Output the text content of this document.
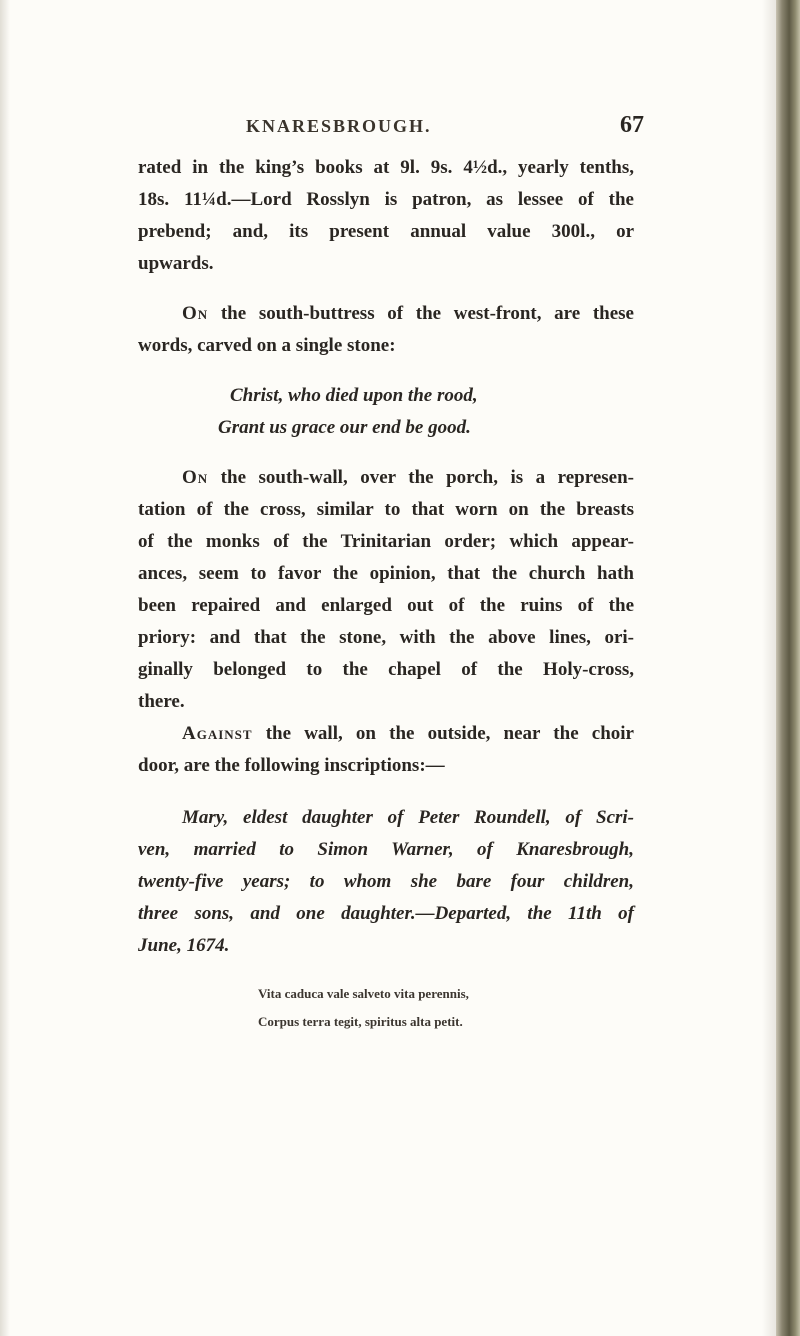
KNARESBROUGH.	67
rated in the king’s books at 9l. 9s. 4½d., yearly tenths,
18s. 11¼d.—Lord Rosslyn is patron, as lessee of the
prebend; and, its present annual value 300l., or
upwards.
On the south-buttress of the west-front, are these
words, carved on a single stone:
Christ, who died upon the rood,
Grant us grace our end be good.
On the south-wall, over the porch, is a represen-
tation of the cross, similar to that worn on the breasts
of the monks of the Trinitarian order; which appear-
ances, seem to favor the opinion, that the church hath
been repaired and enlarged out of the ruins of the
priory: and that the stone, with the above lines, ori-
ginally belonged to the chapel of the Holy-cross,
there.
Against the wall, on the outside, near the choir
door, are the following inscriptions:—
Mary, eldest daughter of Peter Roundell, of Scri-
ven, married to Simon Warner, of Knaresbrough,
twenty-five years; to whom she bare four children,
three sons, and one daughter.—Departed, the 11th of
June, 1674.
Vita caduca vale salveto vita perennis,
Corpus terra tegit, spiritus alta petit.
